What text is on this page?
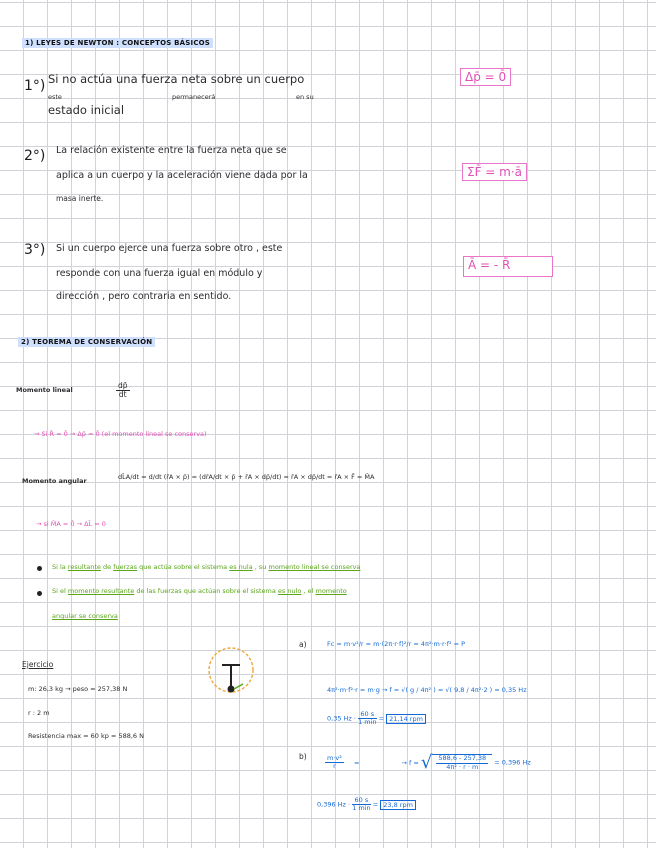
1) LEYES DE NEWTON : CONCEPTOS BÁSICOS
1°) Si no actúa una fuerza neta sobre un cuerpo
este	permanecerá	en su
estado inicial
Δp̄ = 0̄
2°) La relación existente entre la fuerza neta que se
aplica a un cuerpo y la aceleración viene dada por la
masa inerte.
ΣF̄ = m·ā
3°) Si un cuerpo ejerce una fuerza sobre otro , este
responde con una fuerza igual en módulo y
dirección , pero contraria en sentido.
Ā = - R̄
2) TEOREMA DE CONSERVACIÓN
Momento lineal	$\frac{dp̄}{dt}$
→ Si R̄ = 0̄ → Δp̄ = 0̄ (el momento lineal se conserva)
Momento angular	dL̄A/dt = d/dt (r̄A × p̄) = (dr̄A/dt × p̄ + r̄A × dp̄/dt) = r̄A × dp̄/dt = r̄A × F̄ = M̄A
→ si M̄A = 0̄ → ΔL̄ = 0
Si la resultante de fuerzas que actúa sobre el sistema es nula , su momento lineal se conserva
Si el momento resultante de las fuerzas que actúan sobre el sistema es nulo , el momento
angular se conserva
Ejercicio
m: 26,3 kg → peso = 257,38 N
r : 2 m
Resistencia max = 60 kp = 588,6 N
a)	Fc = m·v²/r = m·(2π·r·f)²/r = 4π²·m·r·f² = P
4π²·m·f²·r = m·g → f = √( g / 4π² ) = √( 9,8 / 4π²·2 ) = 0,35 Hz
0,35 $Hz \cdot \frac{60 s}{1 \min} = 21,14$ rpm
b)	$\frac{\text{m·v²}}{r}$ =	→ f = √ $\frac{588,6 - 257,38}{\text{4π² · r · m}} = 0,396$ Hz
0,396 $Hz \cdot \frac{60 s}{1 \min} = 23,8$ rpm
